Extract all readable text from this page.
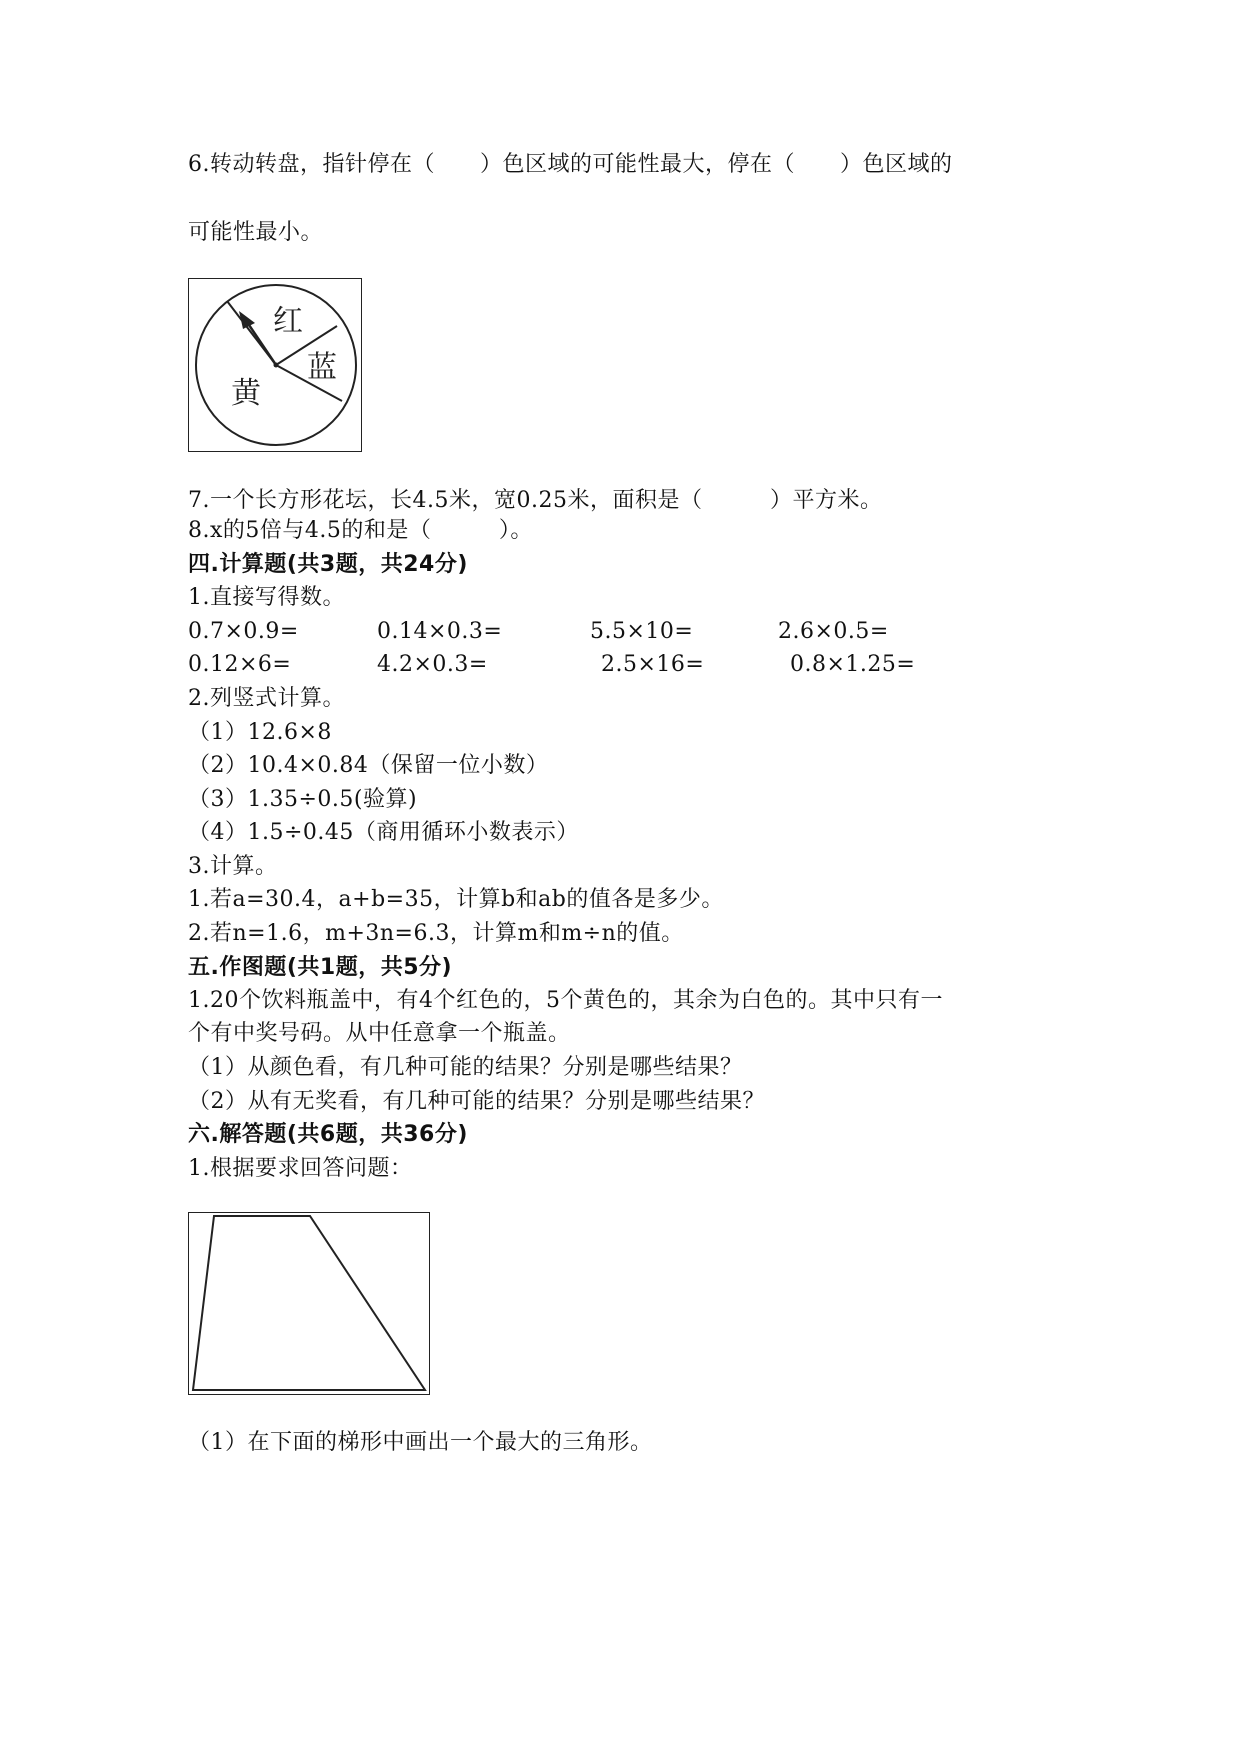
6.转动转盘，指针停在（　　）色区域的可能性最大，停在（　　）色区域的
可能性最小。
红
蓝
黄
7.一个长方形花坛，长4.5米，宽0.25米，面积是（　　　）平方米。
8.x的5倍与4.5的和是（　　　）。
四.计算题(共3题，共24分)
1.直接写得数。
0.7×0.9=	0.14×0.3=	5.5×10=	2.6×0.5=
0.12×6=	4.2×0.3=	2.5×16=	0.8×1.25=
2.列竖式计算。
（1）12.6×8
（2）10.4×0.84（保留一位小数）
（3）1.35÷0.5(验算)
（4）1.5÷0.45（商用循环小数表示）
3.计算。
1.若a=30.4，a+b=35，计算b和ab的值各是多少。
2.若n=1.6，m+3n=6.3，计算m和m÷n的值。
五.作图题(共1题，共5分)
1.20个饮料瓶盖中，有4个红色的，5个黄色的，其余为白色的。其中只有一
个有中奖号码。从中任意拿一个瓶盖。
（1）从颜色看，有几种可能的结果？分别是哪些结果？
（2）从有无奖看，有几种可能的结果？分别是哪些结果？
六.解答题(共6题，共36分)
1.根据要求回答问题：
（1）在下面的梯形中画出一个最大的三角形。
